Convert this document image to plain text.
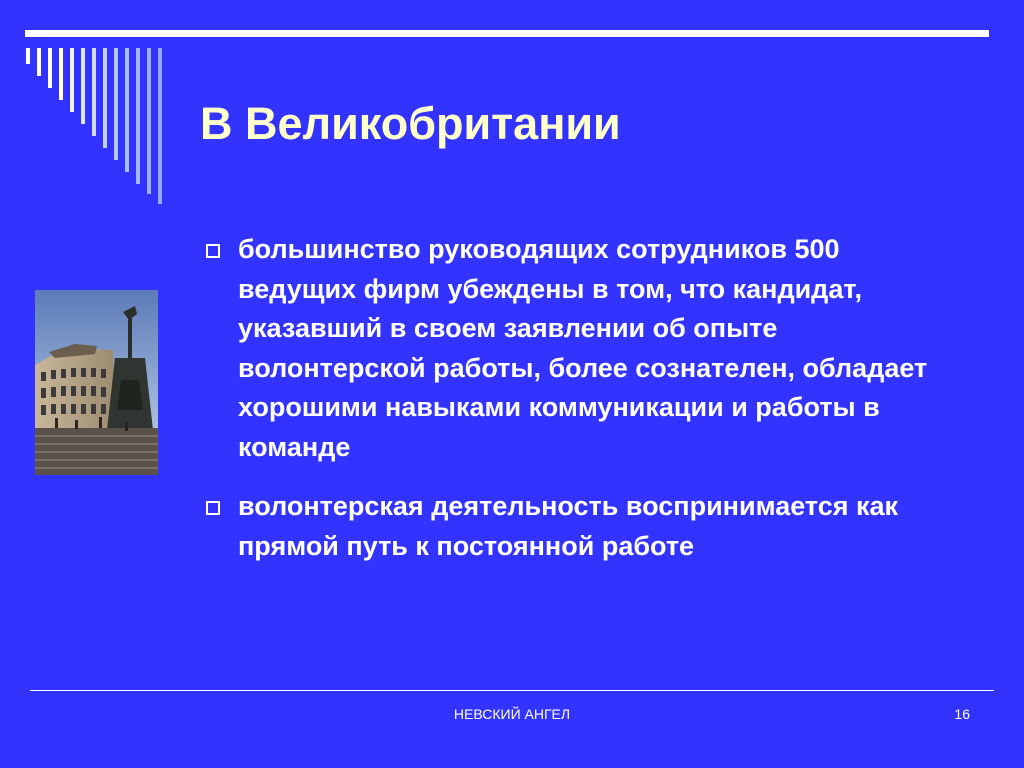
В Великобритании
большинство руководящих сотрудников 500 ведущих фирм убеждены в том, что кандидат, указавший в своем заявлении об опыте волонтерской работы, более сознателен, обладает хорошими навыками коммуникации и работы в команде
волонтерская деятельность воспринимается как прямой путь к постоянной работе
НЕВСКИЙ АНГЕЛ	16
